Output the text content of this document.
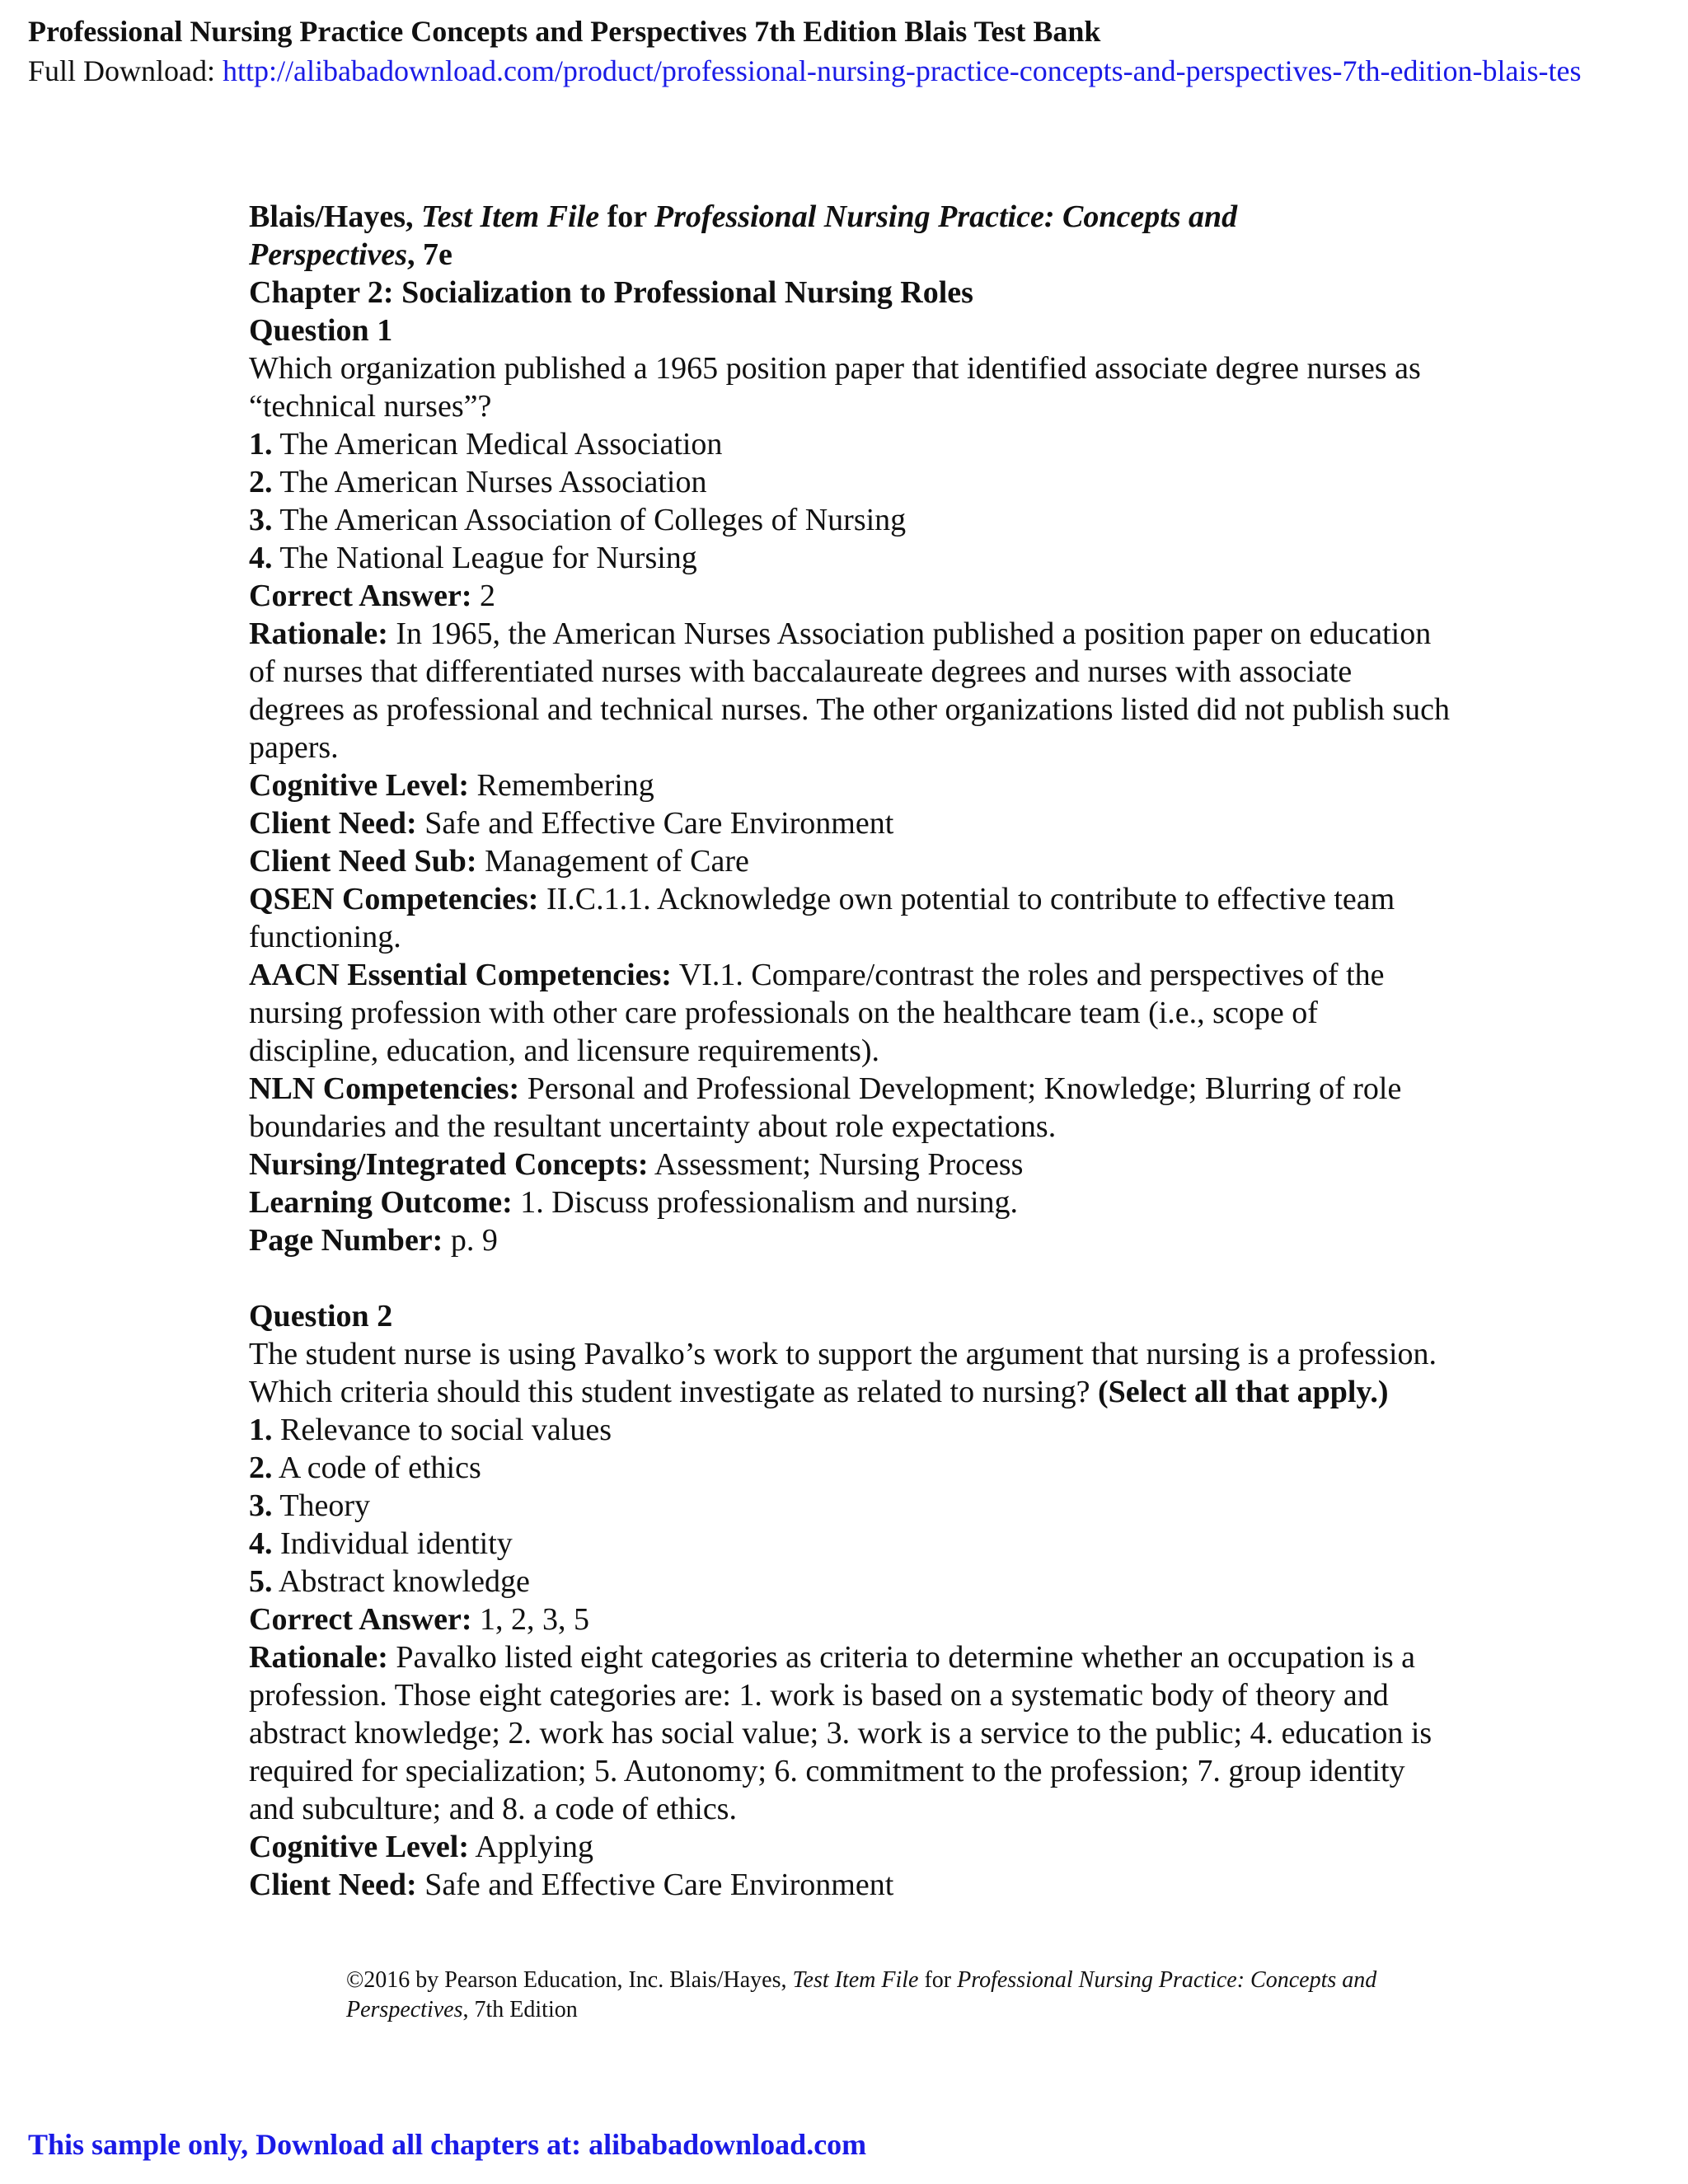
Professional Nursing Practice Concepts and Perspectives 7th Edition Blais Test Bank
Full Download: http://alibabadownload.com/product/professional-nursing-practice-concepts-and-perspectives-7th-edition-blais-tes

Blais/Hayes, Test Item File for Professional Nursing Practice: Concepts and
Perspectives, 7e

Chapter 2: Socialization to Professional Nursing Roles

Question 1

Which organization published a 1965 position paper that identified associate degree nurses as “technical nurses”?

1. The American Medical Association

2. The American Nurses Association

3. The American Association of Colleges of Nursing

4. The National League for Nursing

Correct Answer: 2

Rationale: In 1965, the American Nurses Association published a position paper on education of nurses that differentiated nurses with baccalaureate degrees and nurses with associate degrees as professional and technical nurses. The other organizations listed did not publish such papers.

Cognitive Level: Remembering

Client Need: Safe and Effective Care Environment

Client Need Sub: Management of Care

QSEN Competencies: II.C.1.1. Acknowledge own potential to contribute to effective team functioning.

AACN Essential Competencies: VI.1. Compare/contrast the roles and perspectives of the nursing profession with other care professionals on the healthcare team (i.e., scope of discipline, education, and licensure requirements).

NLN Competencies: Personal and Professional Development; Knowledge; Blurring of role boundaries and the resultant uncertainty about role expectations.

Nursing/Integrated Concepts: Assessment; Nursing Process

Learning Outcome: 1. Discuss professionalism and nursing.

Page Number: p. 9

Question 2

The student nurse is using Pavalko’s work to support the argument that nursing is a profession. Which criteria should this student investigate as related to nursing? (Select all that apply.)

1. Relevance to social values

2. A code of ethics

3. Theory

4. Individual identity

5. Abstract knowledge

Correct Answer: 1, 2, 3, 5

Rationale: Pavalko listed eight categories as criteria to determine whether an occupation is a profession. Those eight categories are: 1. work is based on a systematic body of theory and abstract knowledge; 2. work has social value; 3. work is a service to the public; 4. education is required for specialization; 5. Autonomy; 6. commitment to the profession; 7. group identity and subculture; and 8. a code of ethics.

Cognitive Level: Applying

Client Need: Safe and Effective Care Environment

©2016 by Pearson Education, Inc. Blais/Hayes, Test Item File for Professional Nursing Practice: Concepts and Perspectives, 7th Edition
This sample only, Download all chapters at: alibabadownload.com
